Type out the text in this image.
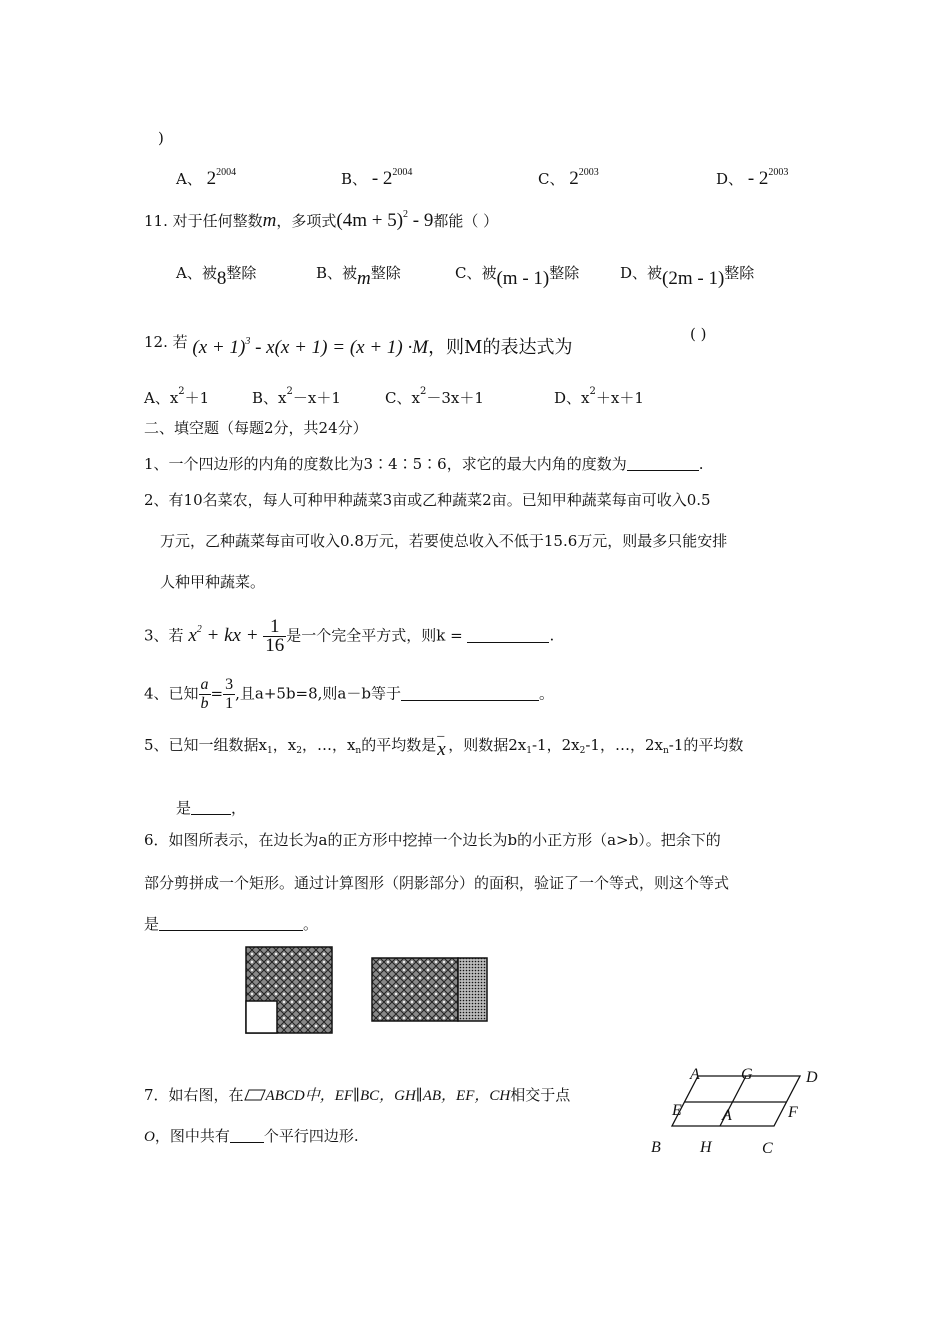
)
A、 $2^{2004}$	B、 - $2^{2004}$	C、 $2^{2003}$	D、 - $2^{2003}$
11. 对于任何整数m，多项式$(4m + 5)^2 - 9$都能（ ）
A、被8整除	B、被m整除	C、被(m - 1)整除	D、被(2m - 1)整除
12. 若 $(x + 1)^3 - x(x + 1) = (x + 1) \cdot M$，则M的表达式为
( )
A、$x^2+1$	B、$x^2-x+1$	C、$x^2-3x+1$	D、$x^2+x+1$
二、填空题（每题2分，共24分）
1、一个四边形的内角的度数比为3∶4∶5∶6，求它的最大内角的度数为	.
2、有10名菜农，每人可种甲种蔬菜3亩或乙种蔬菜2亩。已知甲种蔬菜每亩可收入0.5
万元，乙种蔬菜每亩可收入0.8万元，若要使总收入不低于15.6万元，则最多只能安排
人种甲种蔬菜。
3、若 $x^2$ + kx + $\frac{1}{16}$ 是一个完全平方式，则k =	.
4、已知 $\frac{a}{b} = \frac{3}{1}$ ,且a+5b=8,则a－b等于	。
5、已知一组数据$x_1$，$x_2$，…，$x_n$的平均数是
_
x ，则数据$2x_1-1$，$2x_2-1$，…，$2x_n-1$的平均数
是	，
6．如图所表示，在边长为a的正方形中挖掉一个边长为b的小正方形（a>b）。把余下的
部分剪拼成一个矩形。通过计算图形（阴影部分）的面积，验证了一个等式，则这个等式
是	。
7．如右图，在 ABCD中，EF∥BC，GH∥AB，EF，CH相交于点
O，图中共有 个平行四边形.
A	G	D
E	A	F
B H	C
